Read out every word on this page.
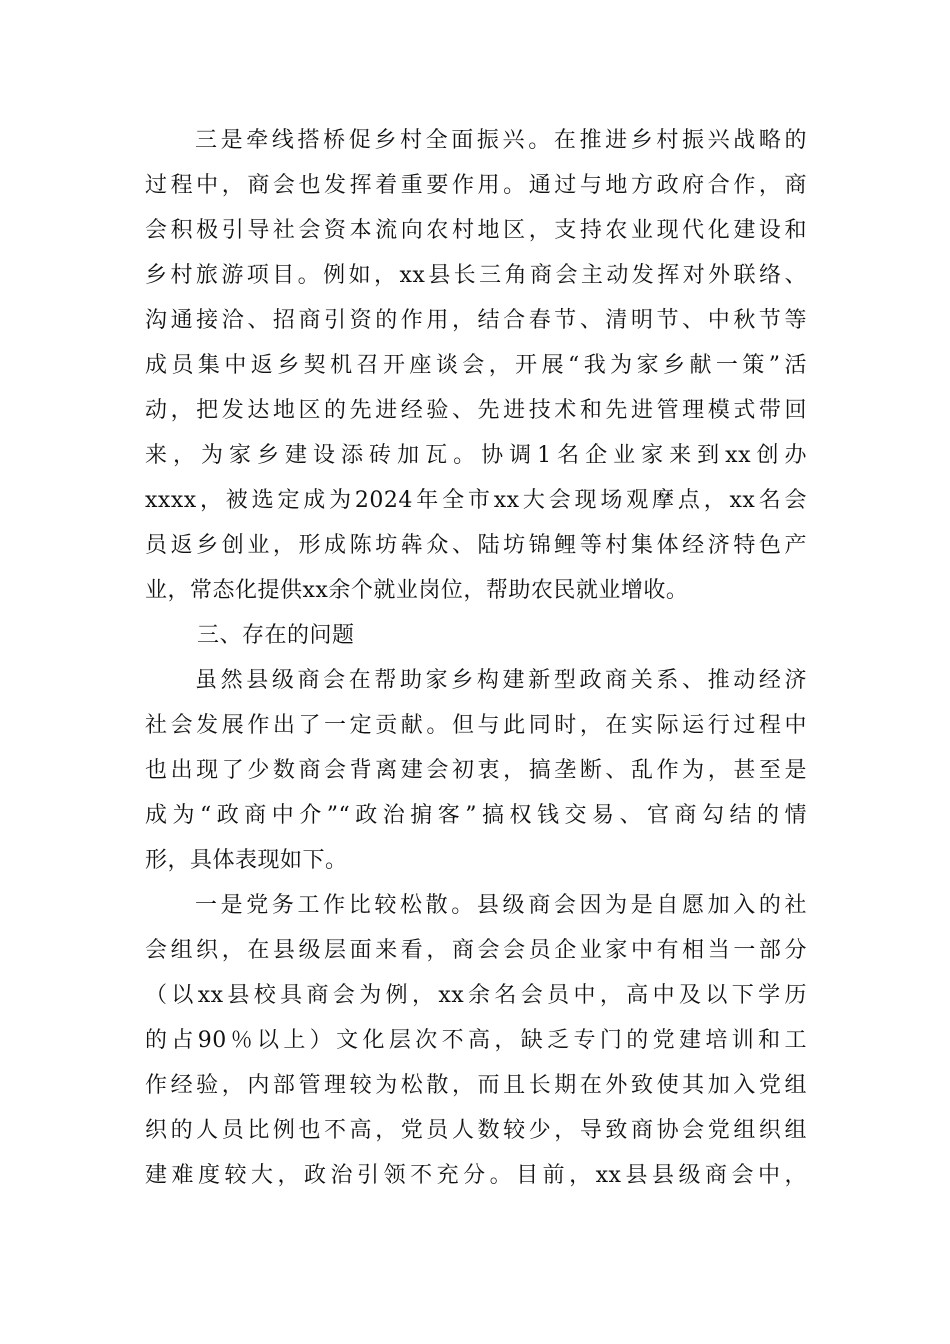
三是牵线搭桥促乡村全面振兴。在推进乡村振兴战略的
过程中，商会也发挥着重要作用。通过与地方政府合作，商
会积极引导社会资本流向农村地区，支持农业现代化建设和
乡村旅游项目。例如，xx县长三角商会主动发挥对外联络、
沟通接洽、招商引资的作用，结合春节、清明节、中秋节等
成员集中返乡契机召开座谈会，开展“我为家乡献一策”活
动，把发达地区的先进经验、先进技术和先进管理模式带回
来，为家乡建设添砖加瓦。协调1名企业家来到xx创办
xxxx，被选定成为2024年全市xx大会现场观摩点，xx名会
员返乡创业，形成陈坊犇众、陆坊锦鲤等村集体经济特色产
业，常态化提供xx余个就业岗位，帮助农民就业增收。
三、存在的问题
虽然县级商会在帮助家乡构建新型政商关系、推动经济
社会发展作出了一定贡献。但与此同时，在实际运行过程中
也出现了少数商会背离建会初衷，搞垄断、乱作为，甚至是
成为“政商中介”“政治掮客”搞权钱交易、官商勾结的情
形，具体表现如下。
一是党务工作比较松散。县级商会因为是自愿加入的社
会组织，在县级层面来看，商会会员企业家中有相当一部分
（以xx县校具商会为例，xx余名会员中，高中及以下学历
的占90％以上）文化层次不高，缺乏专门的党建培训和工
作经验，内部管理较为松散，而且长期在外致使其加入党组
织的人员比例也不高，党员人数较少，导致商协会党组织组
建难度较大，政治引领不充分。目前，xx县县级商会中，
